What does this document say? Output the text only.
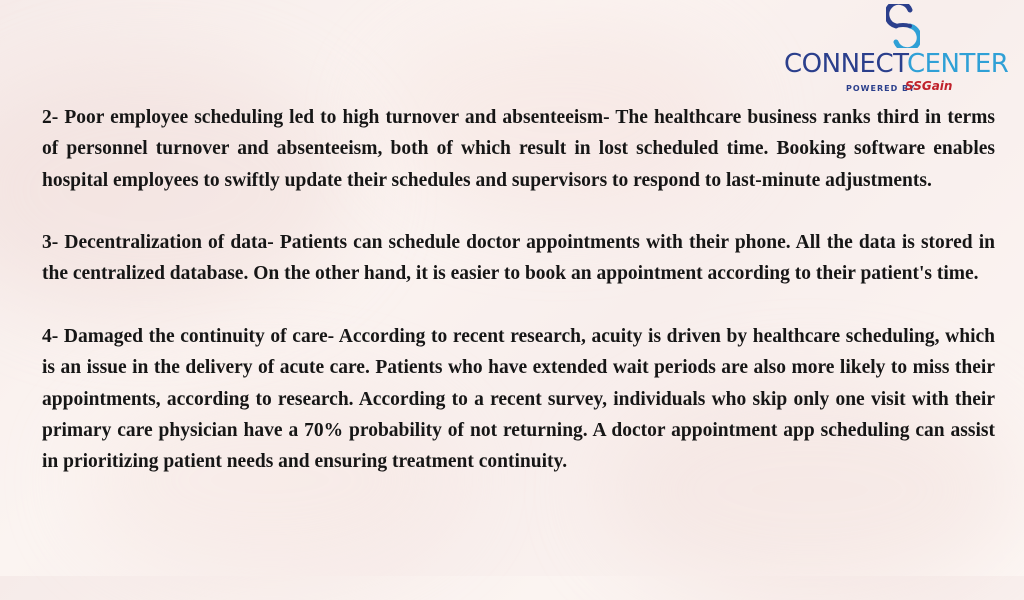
CONNECTCENTER
POWERED BY
SSGain

2- Poor employee scheduling led to high turnover and absenteeism- The healthcare business ranks third in terms of personnel turnover and absenteeism, both of which result in lost scheduled time. Booking software enables hospital employees to swiftly update their schedules and supervisors to respond to last-minute adjustments.

3- Decentralization of data- Patients can schedule doctor appointments with their phone. All the data is stored in the centralized database. On the other hand, it is easier to book an appointment according to their patient's time.

4- Damaged the continuity of care- According to recent research, acuity is driven by healthcare scheduling, which is an issue in the delivery of acute care. Patients who have extended wait periods are also more likely to miss their appointments, according to research. According to a recent survey, individuals who skip only one visit with their primary care physician have a 70% probability of not returning. A doctor appointment app scheduling can assist in prioritizing patient needs and ensuring treatment continuity.
